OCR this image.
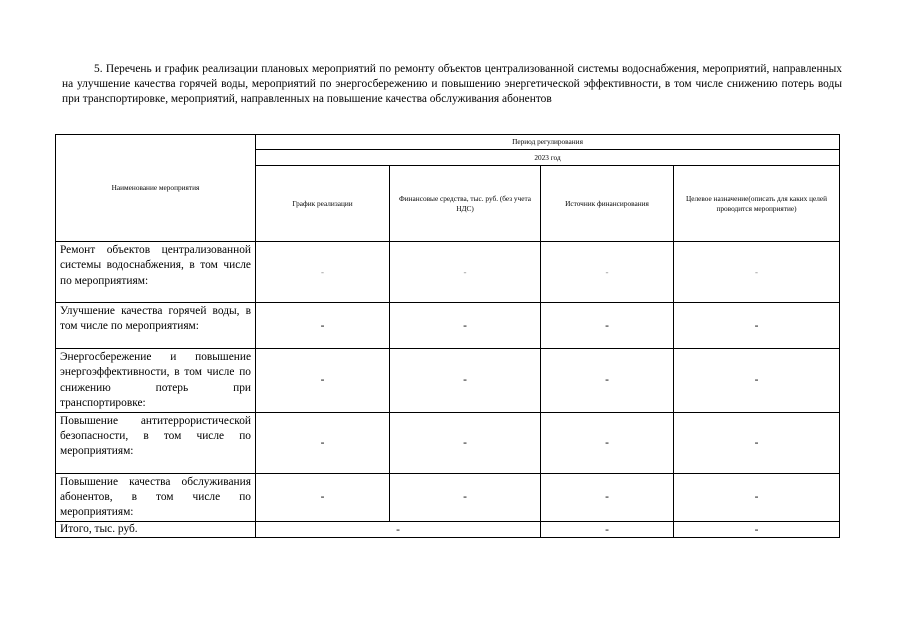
5. Перечень и график реализации плановых мероприятий по ремонту объектов централизованной системы водоснабжения, мероприятий, направленных на улучшение качества горячей воды, мероприятий по энергосбережению и повышению энергетической эффективности, в том числе снижению потерь воды при транспортировке, мероприятий, направленных на повышение качества обслуживания абонентов
Наименование мероприятия	Период регулирования			
	2023 год			
	График реализации	Финансовые средства, тыс. руб. (без учета НДС)	Источник финансирования	Целевое назначение(описать для каких целей проводится мероприятие)
Ремонт объектов централизованной системы водоснабжения, в том числе по мероприятиям:	-	-	-	-
Улучшение качества горячей воды, в том числе по мероприятиям:	-	-	-	-
Энергосбережение и повышение энергоэффективности, в том числе по снижению потерь при транспортировке:	-	-	-	-
Повышение антитеррористической безопасности, в том числе по мероприятиям:	-	-	-	-
Повышение качества обслуживания абонентов, в том числе по мероприятиям:	-	-	-	-
Итого, тыс. руб.	-		-	-
